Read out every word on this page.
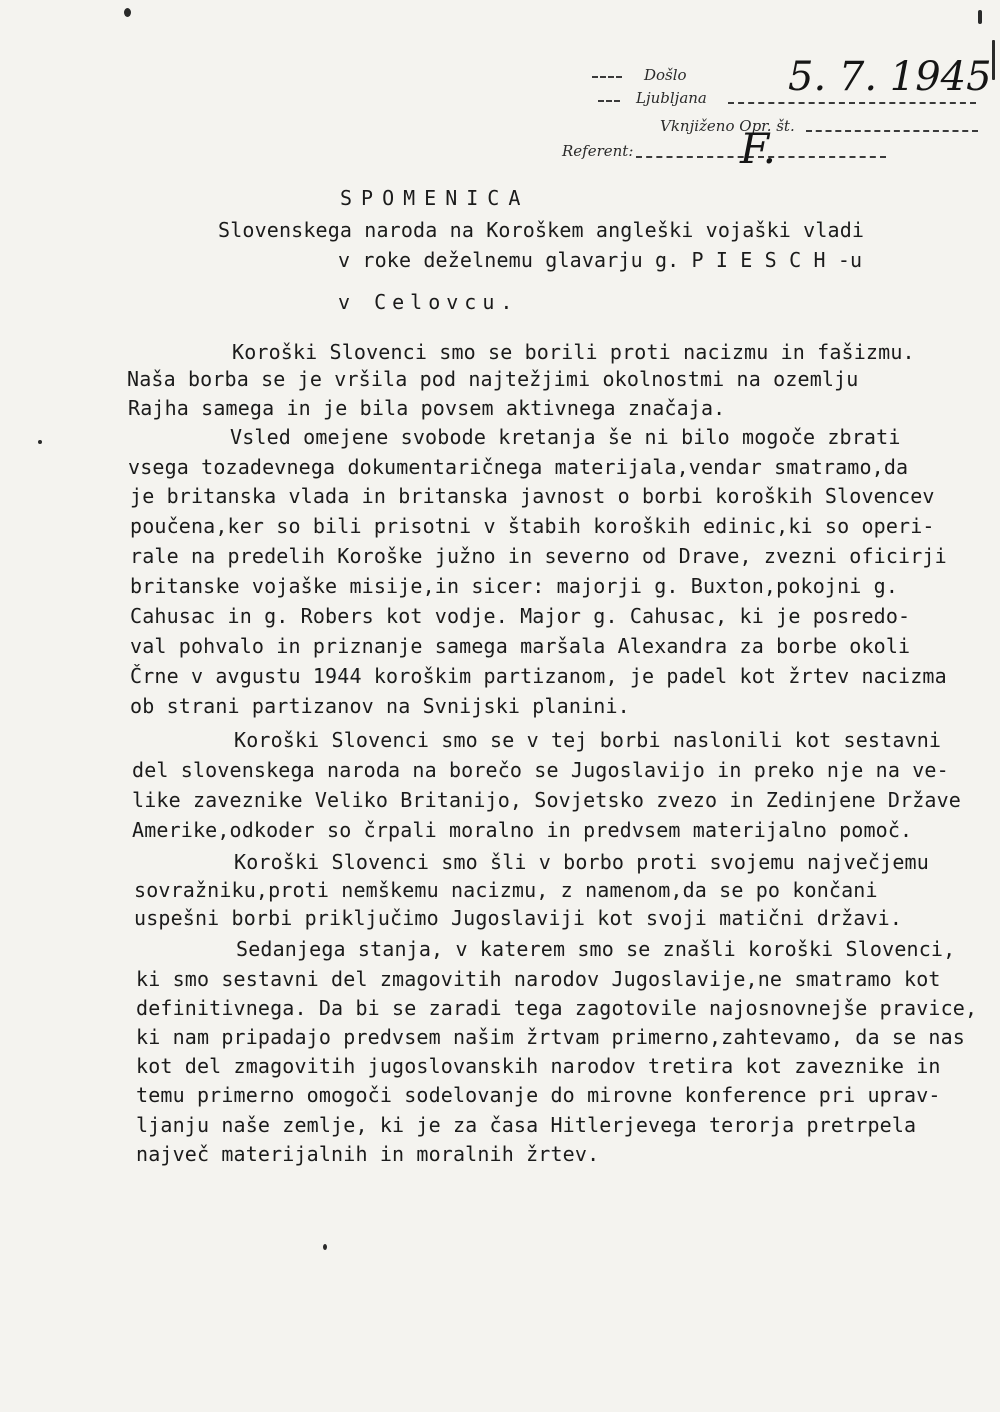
Došlo
Ljubljana 5. 7. 1945
Vknjiženo Opr. št.
Referent:	F.
SPOMENICA
Slovenskega naroda na Koroškem angleški vojaški vladi
v roke deželnemu glavarju g. P I E S C H -u
v Celovcu.
Koroški Slovenci smo se borili proti nacizmu in fašizmu.
Naša borba se je vršila pod najtežjimi okolnostmi na ozemlju
Rajha samega in je bila povsem aktivnega značaja.
Vsled omejene svobode kretanja še ni bilo mogoče zbrati
vsega tozadevnega dokumentaričnega materijala,vendar smatramo,da
je britanska vlada in britanska javnost o borbi koroških Slovencev
poučena,ker so bili prisotni v štabih koroških edinic,ki so operi-
rale na predelih Koroške južno in severno od Drave, zvezni oficirji
britanske vojaške misije,in sicer: majorji g. Buxton,pokojni g.
Cahusac in g. Robers kot vodje. Major g. Cahusac, ki je posredo-
val pohvalo in priznanje samega maršala Alexandra za borbe okoli
Črne v avgustu 1944 koroškim partizanom, je padel kot žrtev nacizma
ob strani partizanov na Svnijski planini.
Koroški Slovenci smo se v tej borbi naslonili kot sestavni
del slovenskega naroda na borečo se Jugoslavijo in preko nje na ve-
like zaveznike Veliko Britanijo, Sovjetsko zvezo in Zedinjene Države
Amerike,odkoder so črpali moralno in predvsem materijalno pomoč.
Koroški Slovenci smo šli v borbo proti svojemu največjemu
sovražniku,proti nemškemu nacizmu, z namenom,da se po končani
uspešni borbi priključimo Jugoslaviji kot svoji matični državi.
Sedanjega stanja, v katerem smo se znašli koroški Slovenci,
ki smo sestavni del zmagovitih narodov Jugoslavije,ne smatramo kot
definitivnega. Da bi se zaradi tega zagotovile najosnovnejše pravice,
ki nam pripadajo predvsem našim žrtvam primerno,zahtevamo, da se nas
kot del zmagovitih jugoslovanskih narodov tretira kot zaveznike in
temu primerno omogoči sodelovanje do mirovne konference pri uprav-
ljanju naše zemlje, ki je za časa Hitlerjevega terorja pretrpela
največ materijalnih in moralnih žrtev.
